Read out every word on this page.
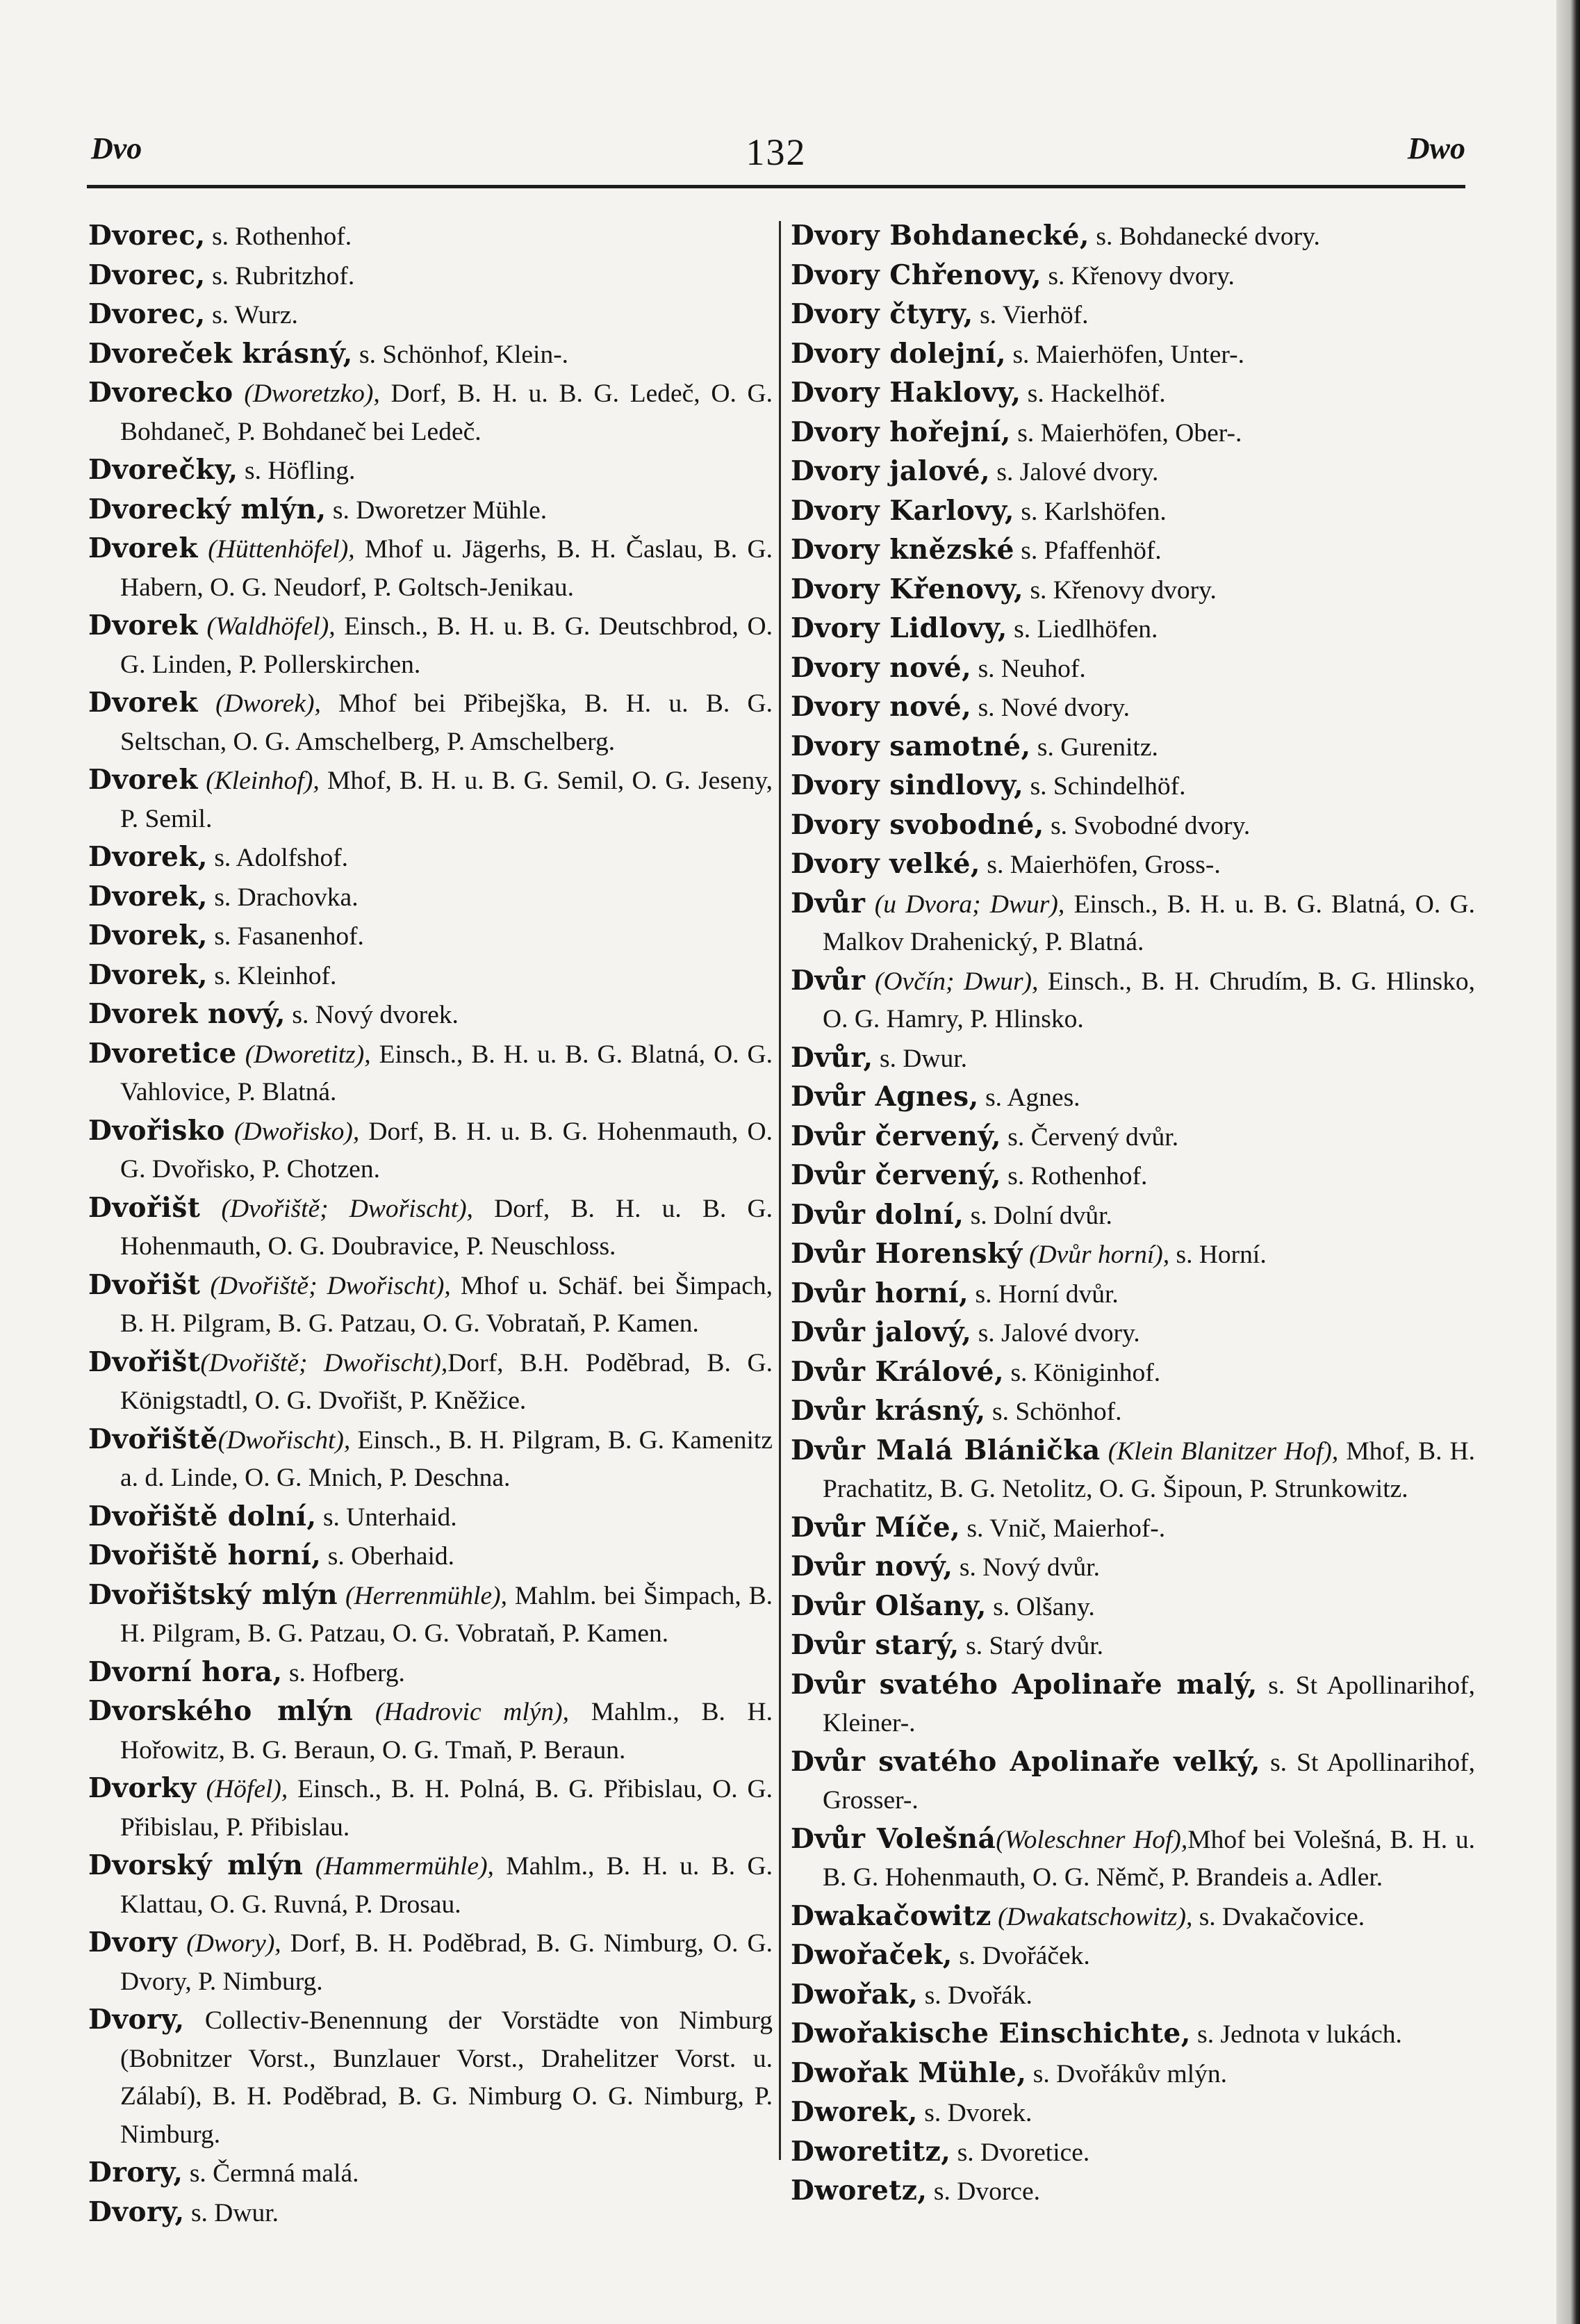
Dvo	132	Dwo
Dvorec, s. Rothenhof.
Dvorec, s. Rubritzhof.
Dvorec, s. Wurz.
Dvoreček krásný, s. Schönhof, Klein-.
Dvorecko (Dworetzko), Dorf, B. H. u. B. G. Ledeč, O. G. Bohdaneč, P. Bohdaneč bei Ledeč.
Dvorečky, s. Höfling.
Dvorecký mlýn, s. Dworetzer Mühle.
Dvorek (Hüttenhöfel), Mhof u. Jägerhs, B. H. Časlau, B. G. Habern, O. G. Neudorf, P. Goltsch-Jenikau.
Dvorek (Waldhöfel), Einsch., B. H. u. B. G. Deutschbrod, O. G. Linden, P. Pollerskirchen.
Dvorek (Dworek), Mhof bei Přibejška, B. H. u. B. G. Seltschan, O. G. Amschelberg, P. Amschelberg.
Dvorek (Kleinhof), Mhof, B. H. u. B. G. Semil, O. G. Jeseny, P. Semil.
Dvorek, s. Adolfshof.
Dvorek, s. Drachovka.
Dvorek, s. Fasanenhof.
Dvorek, s. Kleinhof.
Dvorek nový, s. Nový dvorek.
Dvoretice (Dworetitz), Einsch., B. H. u. B. G. Blatná, O. G. Vahlovice, P. Blatná.
Dvořisko (Dwořisko), Dorf, B. H. u. B. G. Hohenmauth, O. G. Dvořisko, P. Chotzen.
Dvořišt (Dvořiště; Dwořischt), Dorf, B. H. u. B. G. Hohenmauth, O. G. Doubravice, P. Neuschloss.
Dvořišt (Dvořiště; Dwořischt), Mhof u. Schäf. bei Šimpach, B. H. Pilgram, B. G. Patzau, O. G. Vobrataň, P. Kamen.
Dvořišt(Dvořiště; Dwořischt),Dorf, B.H. Poděbrad, B. G. Königstadtl, O. G. Dvořišt, P. Kněžice.
Dvořiště(Dwořischt), Einsch., B. H. Pilgram, B. G. Kamenitz a. d. Linde, O. G. Mnich, P. Deschna.
Dvořiště dolní, s. Unterhaid.
Dvořiště horní, s. Oberhaid.
Dvořištský mlýn (Herrenmühle), Mahlm. bei Šimpach, B. H. Pilgram, B. G. Patzau, O. G. Vobrataň, P. Kamen.
Dvorní hora, s. Hofberg.
Dvorského mlýn (Hadrovic mlýn), Mahlm., B. H. Hořowitz, B. G. Beraun, O. G. Tmaň, P. Beraun.
Dvorky (Höfel), Einsch., B. H. Polná, B. G. Přibislau, O. G. Přibislau, P. Přibislau.
Dvorský mlýn (Hammermühle), Mahlm., B. H. u. B. G. Klattau, O. G. Ruvná, P. Drosau.
Dvory (Dwory), Dorf, B. H. Poděbrad, B. G. Nimburg, O. G. Dvory, P. Nimburg.
Dvory, Collectiv-Benennung der Vorstädte von Nimburg (Bobnitzer Vorst., Bunzlauer Vorst., Drahelitzer Vorst. u. Zálabí), B. H. Poděbrad, B. G. Nimburg O. G. Nimburg, P. Nimburg.
Drory, s. Čermná malá.
Dvory, s. Dwur.
Dvory Bohdanecké, s. Bohdanecké dvory.
Dvory Chřenovy, s. Křenovy dvory.
Dvory čtyry, s. Vierhöf.
Dvory dolejní, s. Maierhöfen, Unter-.
Dvory Haklovy, s. Hackelhöf.
Dvory hořejní, s. Maierhöfen, Ober-.
Dvory jalové, s. Jalové dvory.
Dvory Karlovy, s. Karlshöfen.
Dvory knězské s. Pfaffenhöf.
Dvory Křenovy, s. Křenovy dvory.
Dvory Lidlovy, s. Liedlhöfen.
Dvory nové, s. Neuhof.
Dvory nové, s. Nové dvory.
Dvory samotné, s. Gurenitz.
Dvory sindlovy, s. Schindelhöf.
Dvory svobodné, s. Svobodné dvory.
Dvory velké, s. Maierhöfen, Gross-.
Dvůr (u Dvora; Dwur), Einsch., B. H. u. B. G. Blatná, O. G. Malkov Drahenický, P. Blatná.
Dvůr (Ovčín; Dwur), Einsch., B. H. Chrudím, B. G. Hlinsko, O. G. Hamry, P. Hlinsko.
Dvůr, s. Dwur.
Dvůr Agnes, s. Agnes.
Dvůr červený, s. Červený dvůr.
Dvůr červený, s. Rothenhof.
Dvůr dolní, s. Dolní dvůr.
Dvůr Horenský (Dvůr horní), s. Horní.
Dvůr horní, s. Horní dvůr.
Dvůr jalový, s. Jalové dvory.
Dvůr Králové, s. Königinhof.
Dvůr krásný, s. Schönhof.
Dvůr Malá Blánička (Klein Blanitzer Hof), Mhof, B. H. Prachatitz, B. G. Netolitz, O. G. Šipoun, P. Strunkowitz.
Dvůr Míče, s. Vnič, Maierhof-.
Dvůr nový, s. Nový dvůr.
Dvůr Olšany, s. Olšany.
Dvůr starý, s. Starý dvůr.
Dvůr svatého Apolinaře malý, s. St Apollinarihof, Kleiner-.
Dvůr svatého Apolinaře velký, s. St Apollinarihof, Grosser-.
Dvůr Volešná(Woleschner Hof),Mhof bei Volešná, B. H. u. B. G. Hohenmauth, O. G. Němč, P. Brandeis a. Adler.
Dwakačowitz (Dwakatschowitz), s. Dvakačovice.
Dwořaček, s. Dvořáček.
Dwořak, s. Dvořák.
Dwořakische Einschichte, s. Jednota v lukách.
Dwořak Mühle, s. Dvořákův mlýn.
Dworek, s. Dvorek.
Dworetitz, s. Dvoretice.
Dworetz, s. Dvorce.
